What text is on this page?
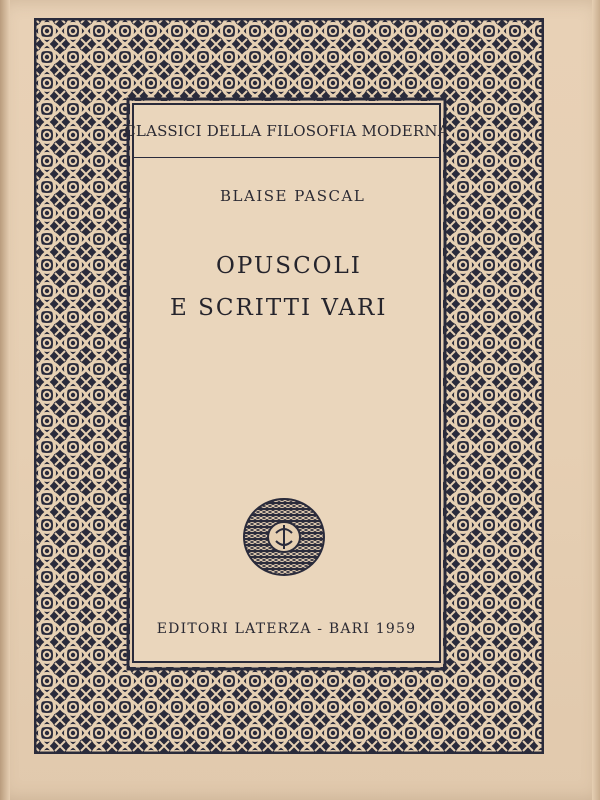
CLASSICI DELLA FILOSOFIA MODERNA
BLAISE PASCAL
OPUSCOLI
E SCRITTI VARI
EDITORI LATERZA - BARI 1959
